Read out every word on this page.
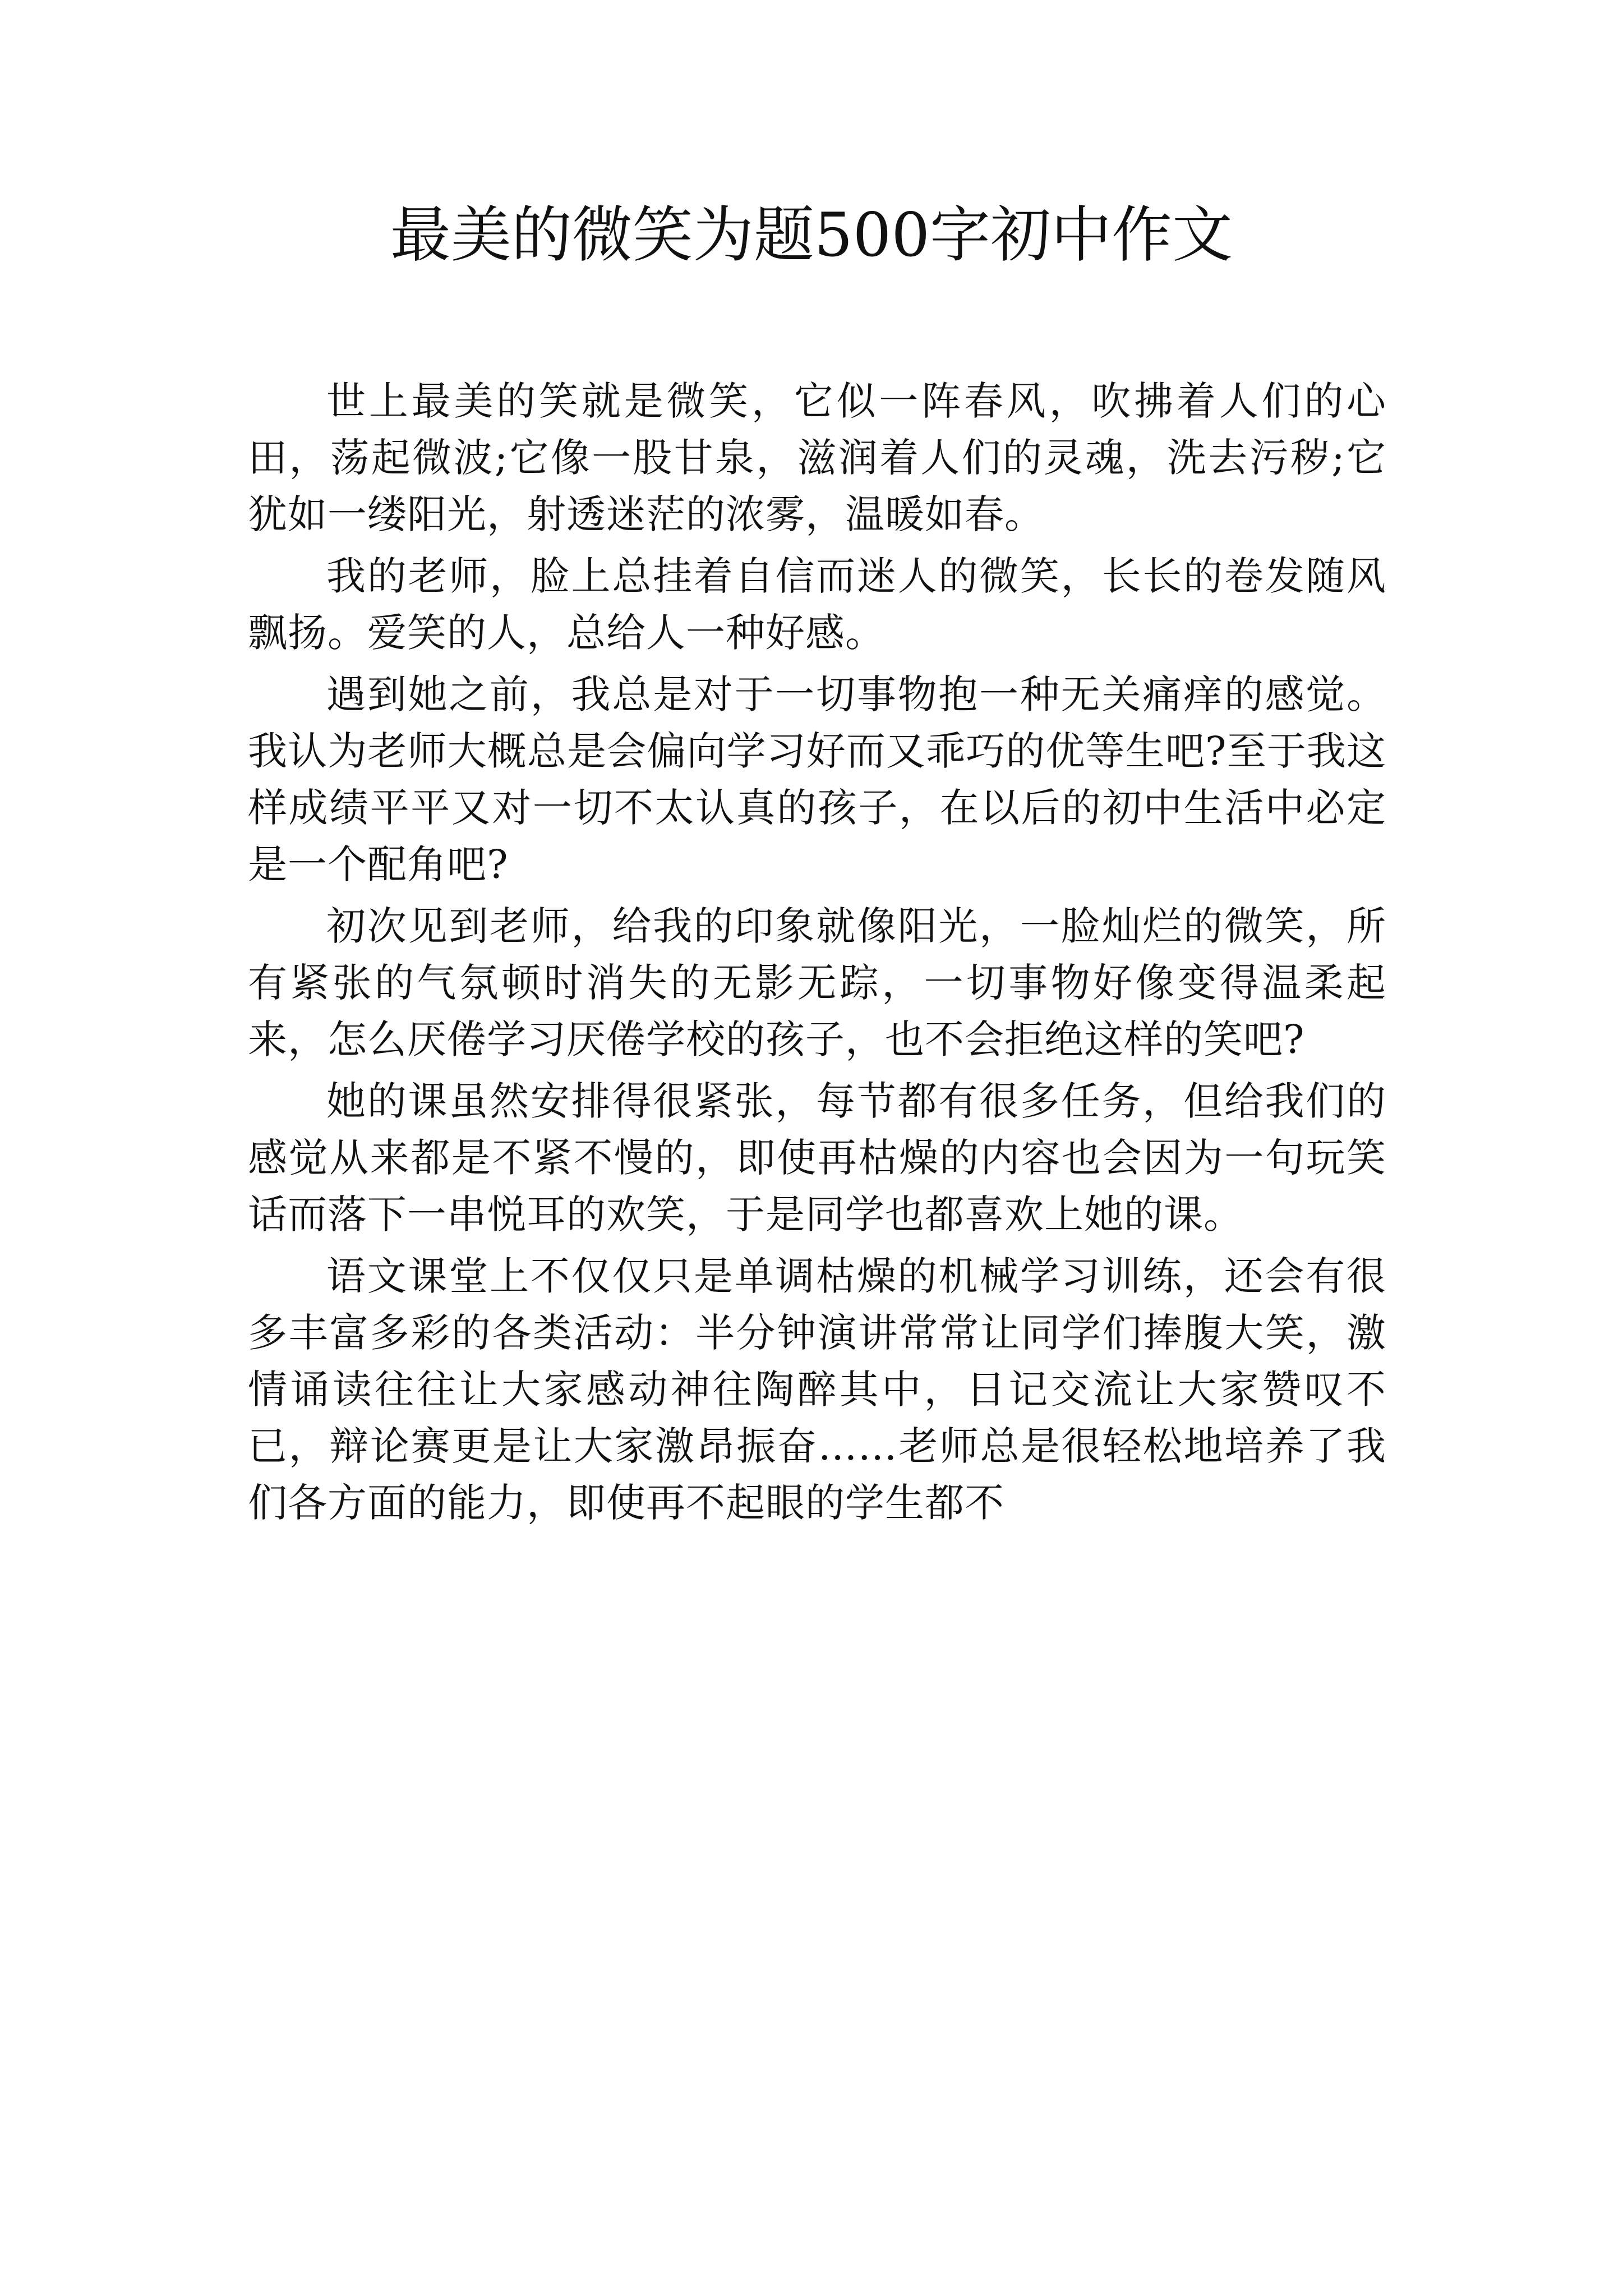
最美的微笑为题500字初中作文

世上最美的笑就是微笑，它似一阵春风，吹拂着人们的心田，荡起微波;它像一股甘泉，滋润着人们的灵魂，洗去污秽;它犹如一缕阳光，射透迷茫的浓雾，温暖如春。

我的老师，脸上总挂着自信而迷人的微笑，长长的卷发随风飘扬。爱笑的人，总给人一种好感。

遇到她之前，我总是对于一切事物抱一种无关痛痒的感觉。我认为老师大概总是会偏向学习好而又乖巧的优等生吧?至于我这样成绩平平又对一切不太认真的孩子，在以后的初中生活中必定是一个配角吧?

初次见到老师，给我的印象就像阳光，一脸灿烂的微笑，所有紧张的气氛顿时消失的无影无踪，一切事物好像变得温柔起来，怎么厌倦学习厌倦学校的孩子，也不会拒绝这样的笑吧?

她的课虽然安排得很紧张，每节都有很多任务，但给我们的感觉从来都是不紧不慢的，即使再枯燥的内容也会因为一句玩笑话而落下一串悦耳的欢笑，于是同学也都喜欢上她的课。

语文课堂上不仅仅只是单调枯燥的机械学习训练，还会有很多丰富多彩的各类活动：半分钟演讲常常让同学们捧腹大笑，激情诵读往往让大家感动神往陶醉其中，日记交流让大家赞叹不已，辩论赛更是让大家激昂振奋……老师总是很轻松地培养了我们各方面的能力，即使再不起眼的学生都不
